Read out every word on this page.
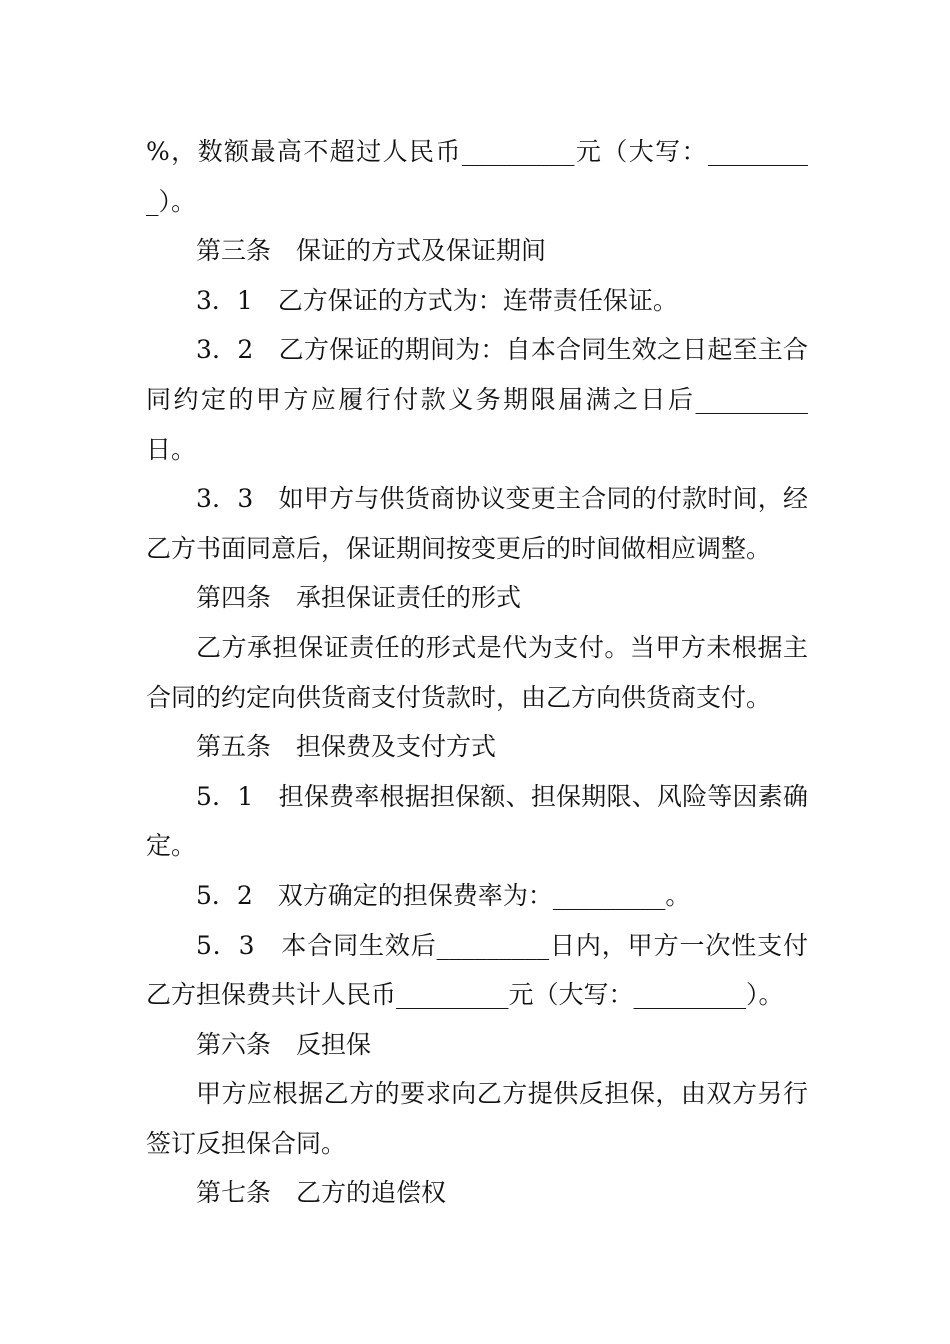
%，数额最高不超过人民币_________元（大写：_________）。

第三条　保证的方式及保证期间

3．1　乙方保证的方式为：连带责任保证。

3．2　乙方保证的期间为：自本合同生效之日起至主合同约定的甲方应履行付款义务期限届满之日后_________日。

3．3　如甲方与供货商协议变更主合同的付款时间，经乙方书面同意后，保证期间按变更后的时间做相应调整。

第四条　承担保证责任的形式

乙方承担保证责任的形式是代为支付。当甲方未根据主合同的约定向供货商支付货款时，由乙方向供货商支付。

第五条　担保费及支付方式

5．1　担保费率根据担保额、担保期限、风险等因素确定。

5．2　双方确定的担保费率为：_________。

5．3　本合同生效后_________日内，甲方一次性支付乙方担保费共计人民币_________元（大写：_________）。

第六条　反担保

甲方应根据乙方的要求向乙方提供反担保，由双方另行签订反担保合同。

第七条　乙方的追偿权
